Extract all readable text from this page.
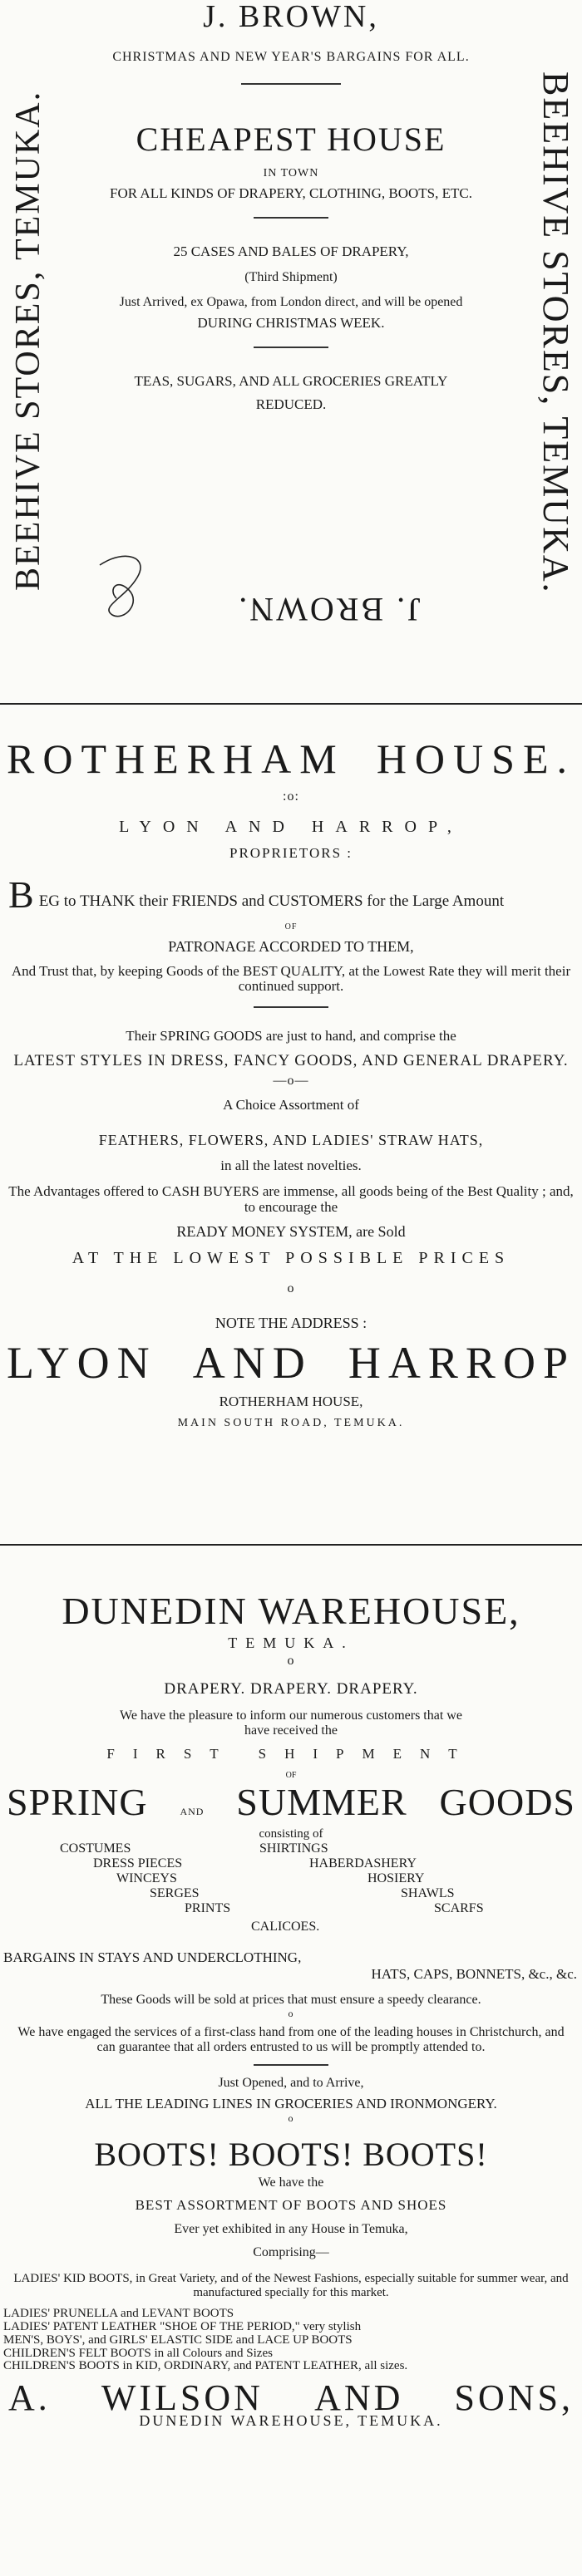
BEEHIVE STORES, TEMUKA.	BEEHIVE STORES, TEMUKA.
J. BROWN,
CHRISTMAS AND NEW YEAR'S BARGAINS FOR ALL.
CHEAPEST HOUSE
IN TOWN
FOR ALL KINDS OF DRAPERY, CLOTHING, BOOTS, ETC.
25 CASES AND BALES OF DRAPERY,
(Third Shipment)
Just Arrived, ex Opawa, from London direct, and will be opened
DURING CHRISTMAS WEEK.
TEAS, SUGARS, AND ALL GROCERIES GREATLY
REDUCED.
J. BROWN.
ROTHERHAM HOUSE.
:o:
LYON AND HARROP,
PROPRIETORS :
B EG to THANK their FRIENDS and CUSTOMERS for the Large Amount
OF
PATRONAGE ACCORDED TO THEM,
And Trust that, by keeping Goods of the BEST QUALITY, at the Lowest Rate they will merit their continued support.
Their SPRING GOODS are just to hand, and comprise the
LATEST STYLES IN DRESS, FANCY GOODS, AND GENERAL DRAPERY.
—o—
A Choice Assortment of
FEATHERS, FLOWERS, AND LADIES' STRAW HATS,
in all the latest novelties.
The Advantages offered to CASH BUYERS are immense, all goods being of the Best Quality ; and, to encourage the
READY MONEY SYSTEM, are Sold
AT THE LOWEST POSSIBLE PRICES
o
NOTE THE ADDRESS :
LYON AND HARROP
ROTHERHAM HOUSE,
MAIN SOUTH ROAD, TEMUKA.
DUNEDIN WAREHOUSE,
TEMUKA.
o
DRAPERY. DRAPERY. DRAPERY.
We have the pleasure to inform our numerous customers that we
have received the
FIRST SHIPMENT
OF
SPRING	AND SUMMER GOODS
consisting of
COSTUMES	SHIRTINGS
DRESS PIECES	HABERDASHERY
WINCEYS	HOSIERY
SERGES	SHAWLS
PRINTS	SCARFS
CALICOES.
BARGAINS IN STAYS AND UNDERCLOTHING,
HATS, CAPS, BONNETS, &c., &c.
These Goods will be sold at prices that must ensure a speedy clearance.
o
We have engaged the services of a first-class hand from one of the leading houses in Christchurch, and can guarantee that all orders entrusted to us will be promptly attended to.
Just Opened, and to Arrive,
ALL THE LEADING LINES IN GROCERIES AND IRONMONGERY.
o
BOOTS! BOOTS! BOOTS!
We have the
BEST ASSORTMENT OF BOOTS AND SHOES
Ever yet exhibited in any House in Temuka,
Comprising—
LADIES' KID BOOTS, in Great Variety, and of the Newest Fashions, especially suitable for summer wear, and manufactured specially for this market.
LADIES' PRUNELLA and LEVANT BOOTS
LADIES' PATENT LEATHER "SHOE OF THE PERIOD," very stylish
MEN'S, BOYS', and GIRLS' ELASTIC SIDE and LACE UP BOOTS
CHILDREN'S FELT BOOTS in all Colours and Sizes
CHILDREN'S BOOTS in KID, ORDINARY, and PATENT LEATHER, all sizes.
A. WILSON AND SONS,
DUNEDIN WAREHOUSE, TEMUKA.
